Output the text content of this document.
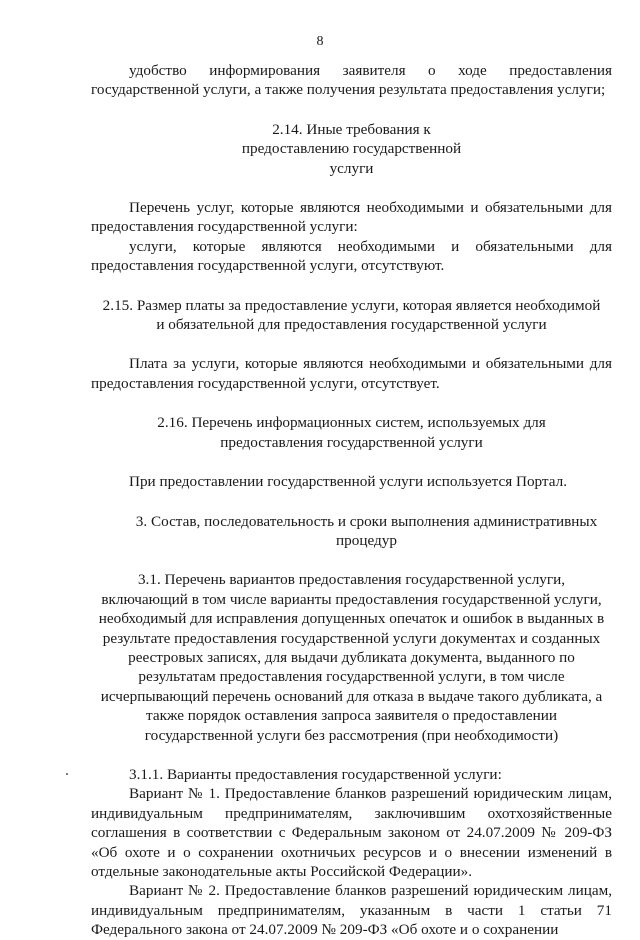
8

удобство информирования заявителя о ходе предоставления государственной услуги, а также получения результата предоставления услуги;

2.14. Иные требования к предоставлению государственной услуги

Перечень услуг, которые являются необходимыми и обязательными для предоставления государственной услуги:

услуги, которые являются необходимыми и обязательными для предоставления государственной услуги, отсутствуют.

2.15. Размер платы за предоставление услуги, которая является необходимой и обязательной для предоставления государственной услуги

Плата за услуги, которые являются необходимыми и обязательными для предоставления государственной услуги, отсутствует.

2.16. Перечень информационных систем, используемых для предоставления государственной услуги

При предоставлении государственной услуги используется Портал.

3. Состав, последовательность и сроки выполнения административных процедур

3.1. Перечень вариантов предоставления государственной услуги, включающий в том числе варианты предоставления государственной услуги, необходимый для исправления допущенных опечаток и ошибок в выданных в результате предоставления государственной услуги документах и созданных реестровых записях, для выдачи дубликата документа, выданного по результатам предоставления государственной услуги, в том числе исчерпывающий перечень оснований для отказа в выдаче такого дубликата, а также порядок оставления запроса заявителя о предоставлении государственной услуги без рассмотрения (при необходимости)

3.1.1. Варианты предоставления государственной услуги:

Вариант № 1. Предоставление бланков разрешений юридическим лицам, индивидуальным предпринимателям, заключившим охотхозяйственные соглашения в соответствии с Федеральным законом от 24.07.2009 № 209-ФЗ «Об охоте и о сохранении охотничьих ресурсов и о внесении изменений в отдельные законодательные акты Российской Федерации».

Вариант № 2. Предоставление бланков разрешений юридическим лицам, индивидуальным предпринимателям, указанным в части 1 статьи 71 Федерального закона от 24.07.2009 № 209-ФЗ «Об охоте и о сохранении
